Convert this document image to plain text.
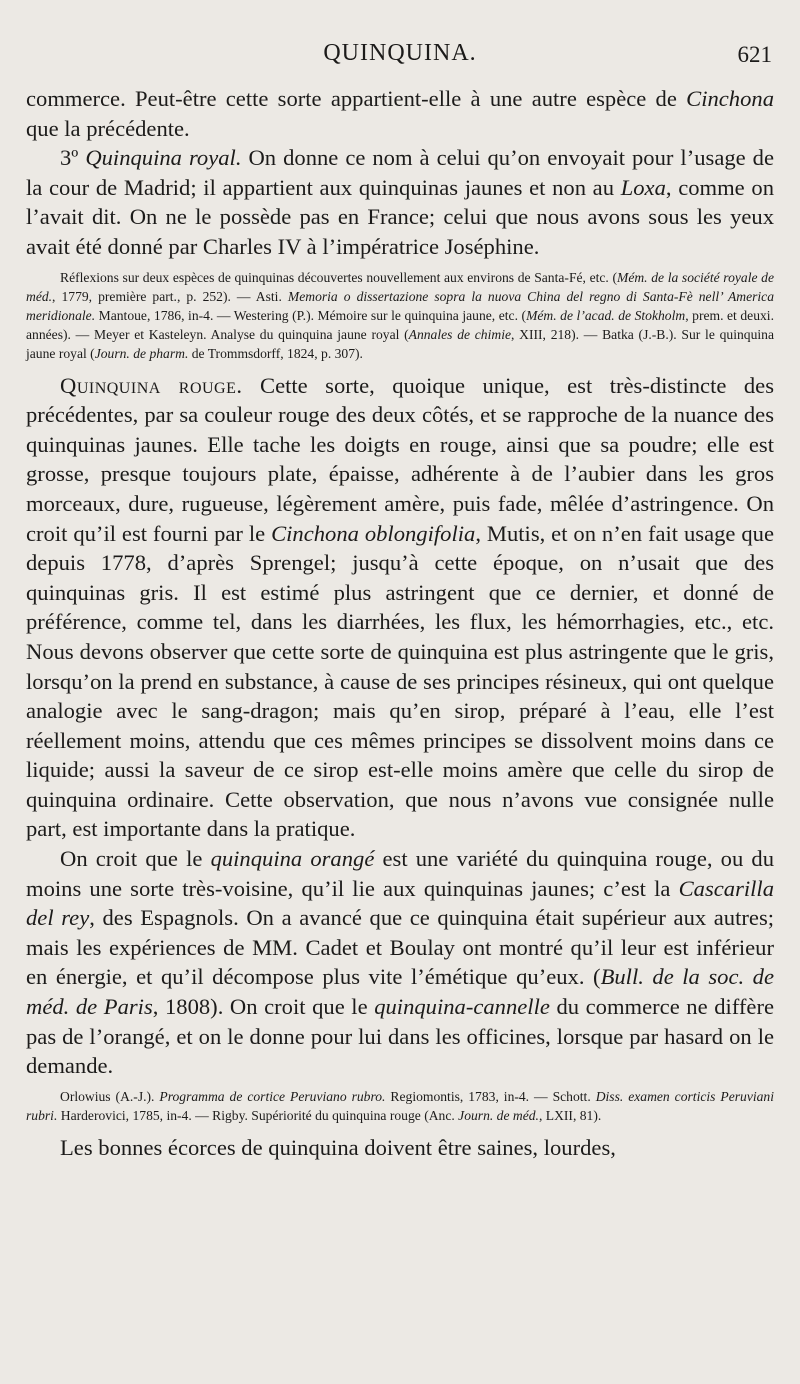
QUINQUINA.	621

commerce. Peut-être cette sorte appartient-elle à une autre espèce de Cinchona que la précédente.

3º Quinquina royal. On donne ce nom à celui qu’on envoyait pour l’usage de la cour de Madrid; il appartient aux quinquinas jaunes et non au Loxa, comme on l’avait dit. On ne le possède pas en France; celui que nous avons sous les yeux avait été donné par Charles IV à l’impératrice Joséphine.

Réflexions sur deux espèces de quinquinas découvertes nouvellement aux environs de Santa-Fé, etc. (Mém. de la société royale de méd., 1779, première part., p. 252). — Asti. Memoria o dissertazione sopra la nuova China del regno di Santa-Fè nell’ America meridionale. Mantoue, 1786, in-4. — Westering (P.). Mémoire sur le quinquina jaune, etc. (Mém. de l’acad. de Stokholm, prem. et deuxi. années). — Meyer et Kasteleyn. Analyse du quinquina jaune royal (Annales de chimie, XIII, 218). — Batka (J.-B.). Sur le quinquina jaune royal (Journ. de pharm. de Trommsdorff, 1824, p. 307).

Quinquina rouge. Cette sorte, quoique unique, est très-distincte des précédentes, par sa couleur rouge des deux côtés, et se rapproche de la nuance des quinquinas jaunes. Elle tache les doigts en rouge, ainsi que sa poudre; elle est grosse, presque toujours plate, épaisse, adhérente à de l’aubier dans les gros morceaux, dure, rugueuse, légèrement amère, puis fade, mêlée d’astringence. On croit qu’il est fourni par le Cinchona oblongifolia, Mutis, et on n’en fait usage que depuis 1778, d’après Sprengel; jusqu’à cette époque, on n’usait que des quinquinas gris. Il est estimé plus astringent que ce dernier, et donné de préférence, comme tel, dans les diarrhées, les flux, les hémorrhagies, etc., etc. Nous devons observer que cette sorte de quinquina est plus astringente que le gris, lorsqu’on la prend en substance, à cause de ses principes résineux, qui ont quelque analogie avec le sang-dragon; mais qu’en sirop, préparé à l’eau, elle l’est réellement moins, attendu que ces mêmes principes se dissolvent moins dans ce liquide; aussi la saveur de ce sirop est-elle moins amère que celle du sirop de quinquina ordinaire. Cette observation, que nous n’avons vue consignée nulle part, est importante dans la pratique.

On croit que le quinquina orangé est une variété du quinquina rouge, ou du moins une sorte très-voisine, qu’il lie aux quinquinas jaunes; c’est la Cascarilla del rey, des Espagnols. On a avancé que ce quinquina était supérieur aux autres; mais les expériences de MM. Cadet et Boulay ont montré qu’il leur est inférieur en énergie, et qu’il décompose plus vite l’émétique qu’eux. (Bull. de la soc. de méd. de Paris, 1808). On croit que le quinquina-cannelle du commerce ne diffère pas de l’orangé, et on le donne pour lui dans les officines, lorsque par hasard on le demande.

Orlowius (A.-J.). Programma de cortice Peruviano rubro. Regiomontis, 1783, in-4. — Schott. Diss. examen corticis Peruviani rubri. Harderovici, 1785, in-4. — Rigby. Supériorité du quinquina rouge (Anc. Journ. de méd., LXII, 81).

Les bonnes écorces de quinquina doivent être saines, lourdes,
